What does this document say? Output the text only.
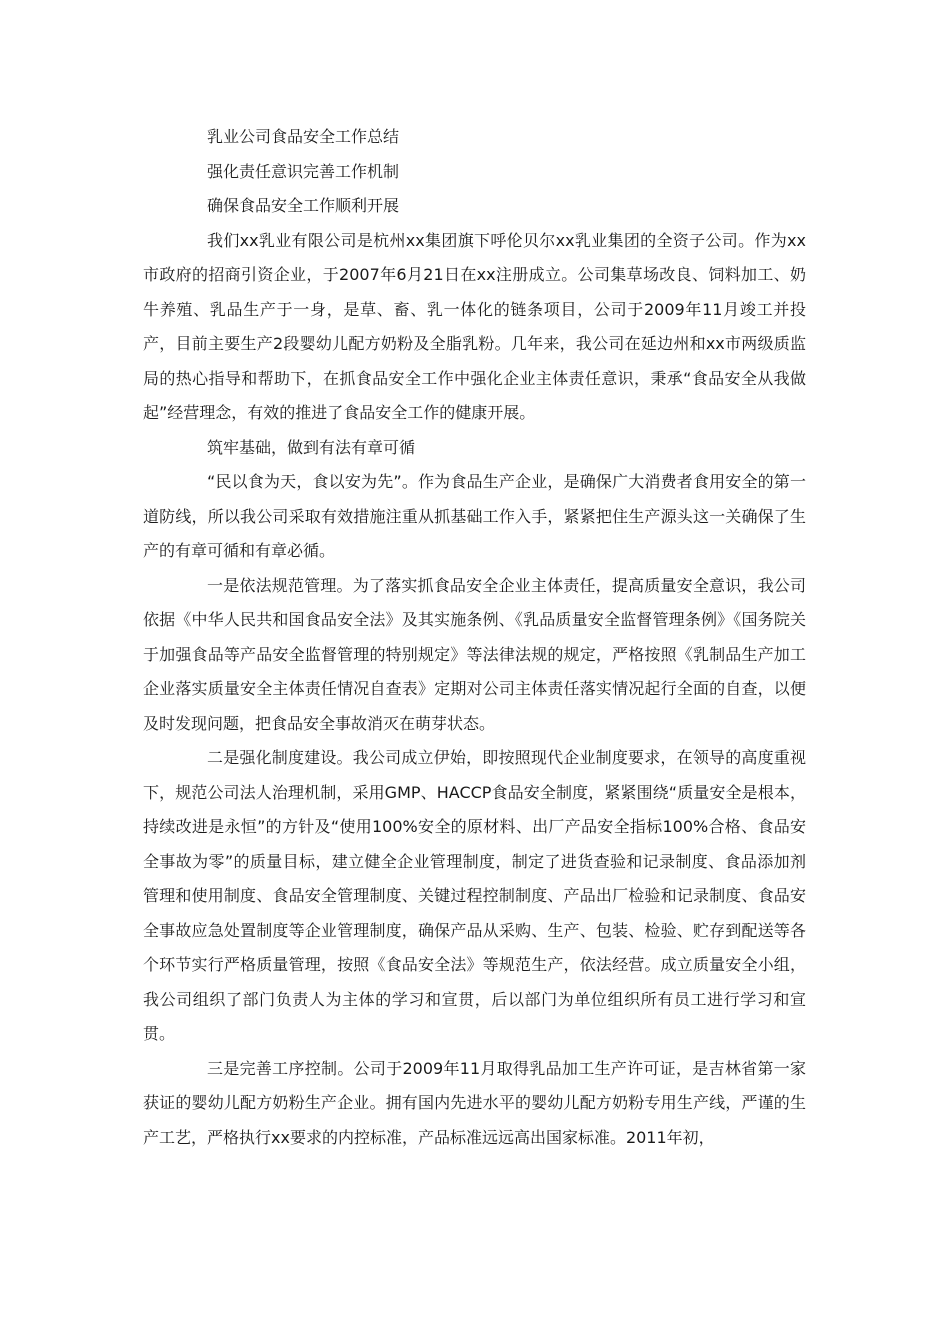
乳业公司食品安全工作总结

强化责任意识完善工作机制

确保食品安全工作顺利开展

我们xx乳业有限公司是杭州xx集团旗下呼伦贝尔xx乳业集团的全资子公司。作为xx市政府的招商引资企业，于2007年6月21日在xx注册成立。公司集草场改良、饲料加工、奶牛养殖、乳品生产于一身，是草、畜、乳一体化的链条项目，公司于2009年11月竣工并投产，目前主要生产2段婴幼儿配方奶粉及全脂乳粉。几年来，我公司在延边州和xx市两级质监局的热心指导和帮助下，在抓食品安全工作中强化企业主体责任意识，秉承“食品安全从我做起”经营理念，有效的推进了食品安全工作的健康开展。

筑牢基础，做到有法有章可循

“民以食为天，食以安为先”。作为食品生产企业，是确保广大消费者食用安全的第一道防线，所以我公司采取有效措施注重从抓基础工作入手，紧紧把住生产源头这一关确保了生产的有章可循和有章必循。

一是依法规范管理。为了落实抓食品安全企业主体责任，提高质量安全意识，我公司依据《中华人民共和国食品安全法》及其实施条例、《乳品质量安全监督管理条例》《国务院关于加强食品等产品安全监督管理的特别规定》等法律法规的规定，严格按照《乳制品生产加工企业落实质量安全主体责任情况自查表》定期对公司主体责任落实情况起行全面的自查，以便及时发现问题，把食品安全事故消灭在萌芽状态。

二是强化制度建设。我公司成立伊始，即按照现代企业制度要求，在领导的高度重视下，规范公司法人治理机制，采用GMP、HACCP食品安全制度，紧紧围绕“质量安全是根本，持续改进是永恒”的方针及“使用100%安全的原材料、出厂产品安全指标100%合格、食品安全事故为零”的质量目标，建立健全企业管理制度，制定了进货查验和记录制度、食品添加剂管理和使用制度、食品安全管理制度、关键过程控制制度、产品出厂检验和记录制度、食品安全事故应急处置制度等企业管理制度，确保产品从采购、生产、包装、检验、贮存到配送等各个环节实行严格质量管理，按照《食品安全法》等规范生产，依法经营。成立质量安全小组，我公司组织了部门负责人为主体的学习和宣贯，后以部门为单位组织所有员工进行学习和宣贯。

三是完善工序控制。公司于2009年11月取得乳品加工生产许可证，是吉林省第一家获证的婴幼儿配方奶粉生产企业。拥有国内先进水平的婴幼儿配方奶粉专用生产线，严谨的生产工艺，严格执行xx要求的内控标准，产品标准远远高出国家标准。2011年初，
